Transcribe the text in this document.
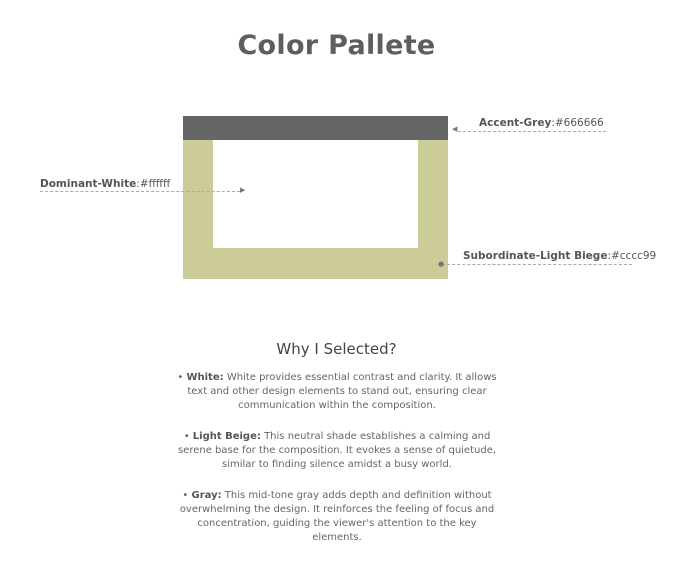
Color Pallete
◀ Accent-Grey:#666666
Dominant-White:#ffffff	▶
Subordinate-Light Biege:#cccc99
●
Why I Selected?
• White: White provides essential contrast and clarity. It allows text and other design elements to stand out, ensuring clear communication within the composition.
• Light Beige: This neutral shade establishes a calming and serene base for the composition. It evokes a sense of quietude, similar to finding silence amidst a busy world.
• Gray: This mid-tone gray adds depth and definition without overwhelming the design. It reinforces the feeling of focus and concentration, guiding the viewer's attention to the key elements.
